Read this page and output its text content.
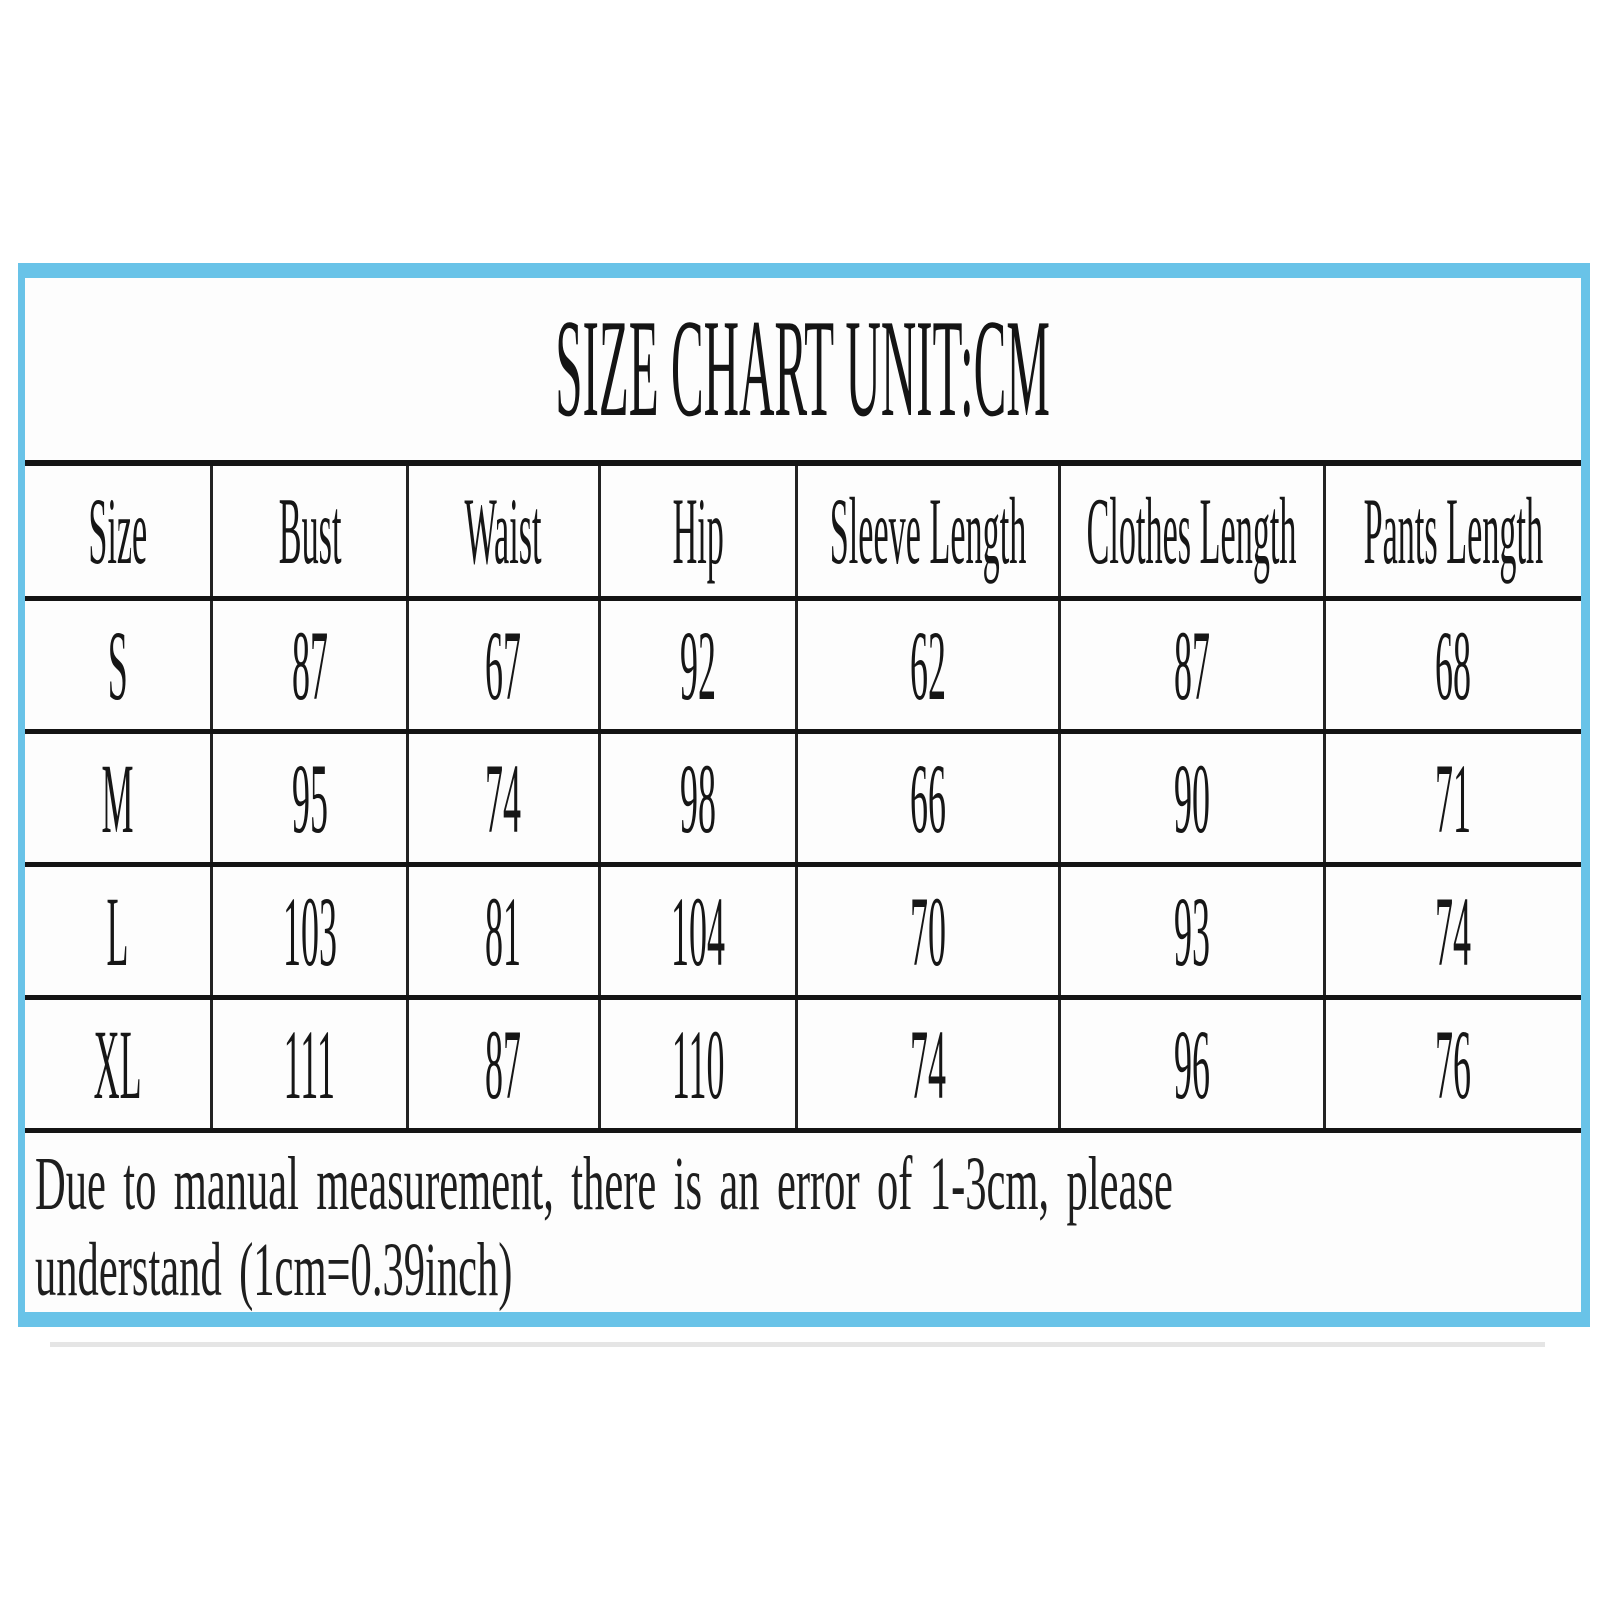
SIZE CHART UNIT:CM
Size	Bust	Waist	Hip	Sleeve Length	Clothes Length	Pants Length

S	87	67	92	62	87	68

M	95	74	98	66	90	71

L	103	81	104	70	93	74

XL	111	87	110	74	96	76
Due to manual measurement, there is an error of 1-3cm, please
understand (1cm=0.39inch)
